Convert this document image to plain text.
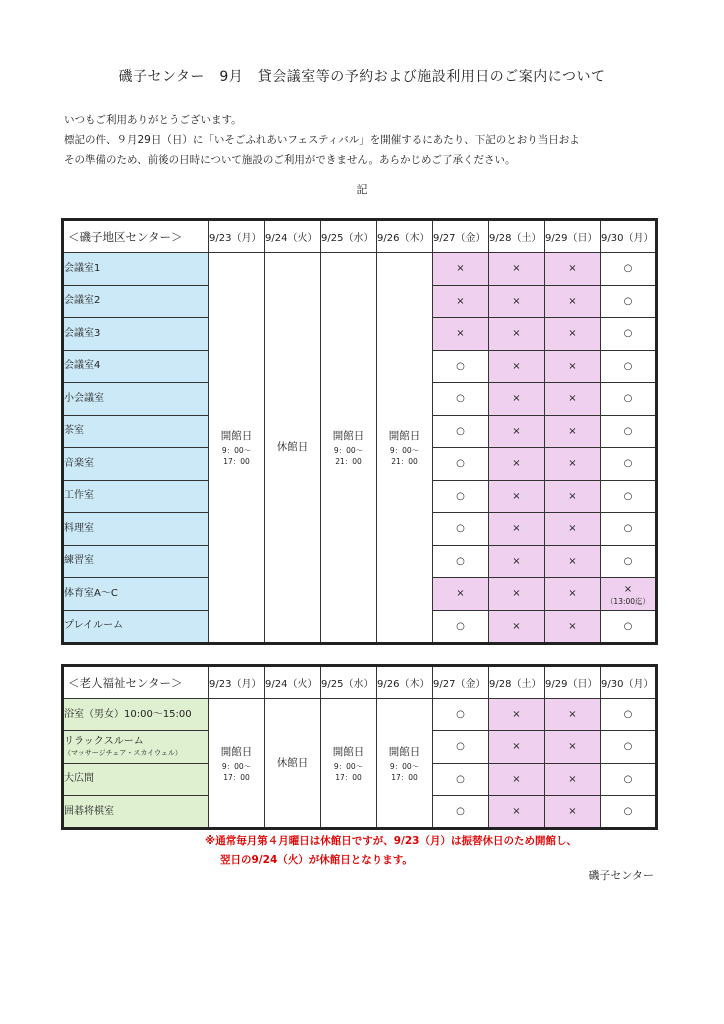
磯子センター　9月　貸会議室等の予約および施設利用日のご案内について
いつもご利用ありがとうございます。
標記の件、９月29日（日）に「いそごふれあいフェスティバル」を開催するにあたり、下記のとおり当日およ
その準備のため、前後の日時について施設のご利用ができません。あらかじめご了承ください。
記
＜磯子地区センター＞	9/23（月）	9/24（火）	9/25（水）	9/26（木）	9/27（金）	9/28（土）	9/29（日）	9/30（月）

会議室1	開館日
9：00～
17：00	休館日	開館日
9：00～
21：00	開館日
9：00～
21：00	×	×	×	○

会議室2					×	×	×	○

会議室3					×	×	×	○

会議室4					○	×	×	○

小会議室					○	×	×	○

茶室					○	×	×	○

音楽室					○	×	×	○

工作室					○	×	×	○

料理室					○	×	×	○

練習室					○	×	×	○

体育室A～C					×	×	×	×
（13:00迄）

プレイルーム					○	×	×	○
＜老人福祉センター＞	9/23（月）	9/24（火）	9/25（水）	9/26（木）	9/27（金）	9/28（土）	9/29（日）	9/30（月）

浴室（男女）10:00～15:00	開館日
9：00～
17：00	休館日	開館日
9：00～
17：00	開館日
9：00～
17：00	○	×	×	○

リラックスルーム
（マッサージチェア・スカイウェル）					○	×	×	○

大広間					○	×	×	○

囲碁将棋室					○	×	×	○
※通常毎月第４月曜日は休館日ですが、9/23（月）は振替休日のため開館し、
翌日の9/24（火）が休館日となります。
磯子センター
